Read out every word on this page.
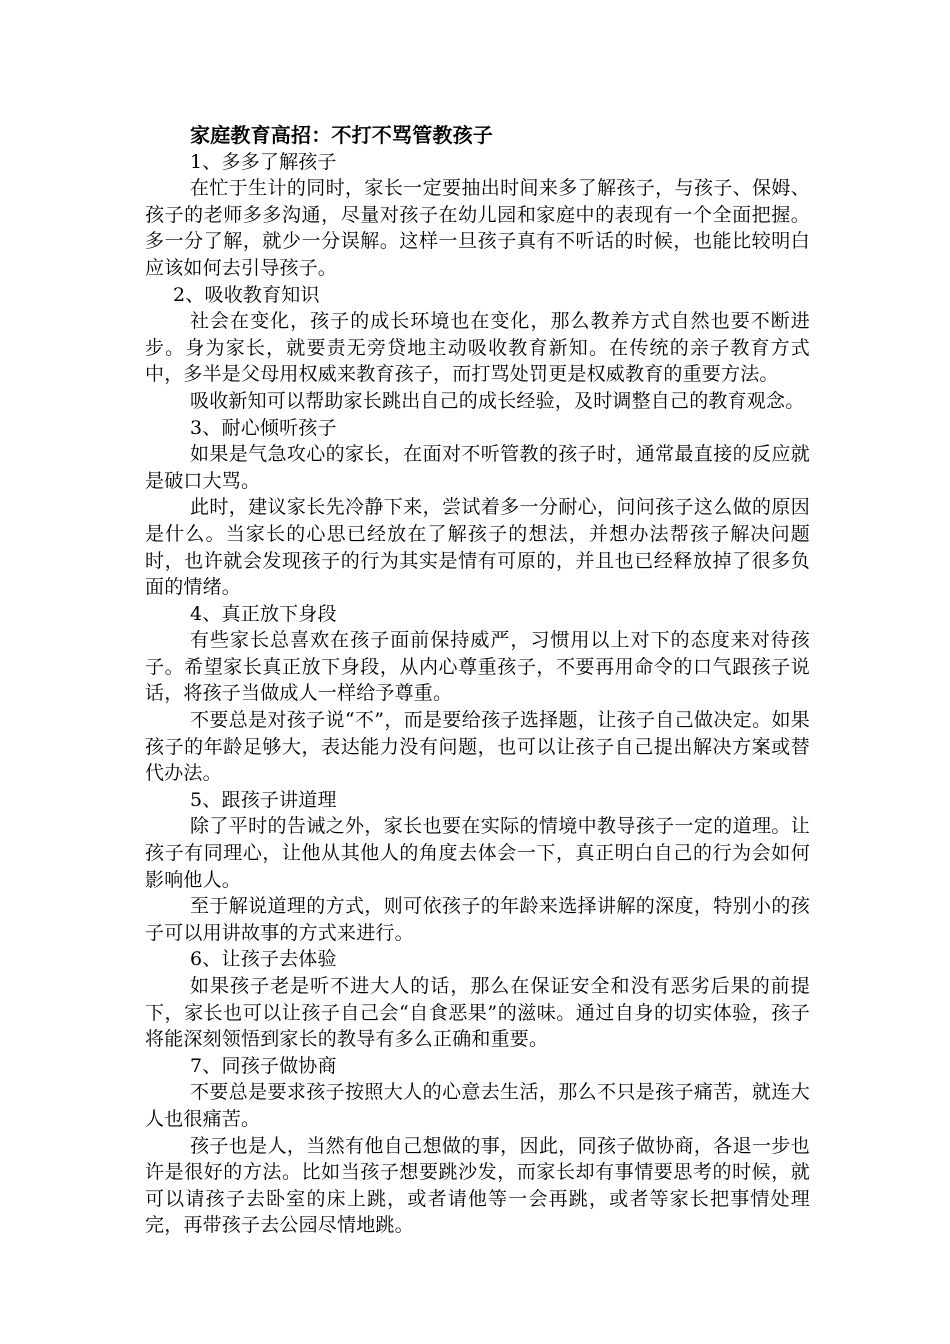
家庭教育高招：不打不骂管教孩子

1、多多了解孩子

在忙于生计的同时，家长一定要抽出时间来多了解孩子，与孩子、保姆、孩子的老师多多沟通，尽量对孩子在幼儿园和家庭中的表现有一个全面把握。多一分了解，就少一分误解。这样一旦孩子真有不听话的时候，也能比较明白应该如何去引导孩子。

2、吸收教育知识

社会在变化，孩子的成长环境也在变化，那么教养方式自然也要不断进步。身为家长，就要责无旁贷地主动吸收教育新知。在传统的亲子教育方式中，多半是父母用权威来教育孩子，而打骂处罚更是权威教育的重要方法。

吸收新知可以帮助家长跳出自己的成长经验，及时调整自己的教育观念。

3、耐心倾听孩子

如果是气急攻心的家长，在面对不听管教的孩子时，通常最直接的反应就是破口大骂。

此时，建议家长先冷静下来，尝试着多一分耐心，问问孩子这么做的原因是什么。当家长的心思已经放在了解孩子的想法，并想办法帮孩子解决问题时，也许就会发现孩子的行为其实是情有可原的，并且也已经释放掉了很多负面的情绪。

4、真正放下身段

有些家长总喜欢在孩子面前保持威严，习惯用以上对下的态度来对待孩子。希望家长真正放下身段，从内心尊重孩子，不要再用命令的口气跟孩子说话，将孩子当做成人一样给予尊重。

不要总是对孩子说“不”，而是要给孩子选择题，让孩子自己做决定。如果孩子的年龄足够大，表达能力没有问题，也可以让孩子自己提出解决方案或替代办法。

5、跟孩子讲道理

除了平时的告诫之外，家长也要在实际的情境中教导孩子一定的道理。让孩子有同理心，让他从其他人的角度去体会一下，真正明白自己的行为会如何影响他人。

至于解说道理的方式，则可依孩子的年龄来选择讲解的深度，特别小的孩子可以用讲故事的方式来进行。

6、让孩子去体验

如果孩子老是听不进大人的话，那么在保证安全和没有恶劣后果的前提下，家长也可以让孩子自己会“自食恶果”的滋味。通过自身的切实体验，孩子将能深刻领悟到家长的教导有多么正确和重要。

7、同孩子做协商

不要总是要求孩子按照大人的心意去生活，那么不只是孩子痛苦，就连大人也很痛苦。

孩子也是人，当然有他自己想做的事，因此，同孩子做协商，各退一步也许是很好的方法。比如当孩子想要跳沙发，而家长却有事情要思考的时候，就可以请孩子去卧室的床上跳，或者请他等一会再跳，或者等家长把事情处理完，再带孩子去公园尽情地跳。
